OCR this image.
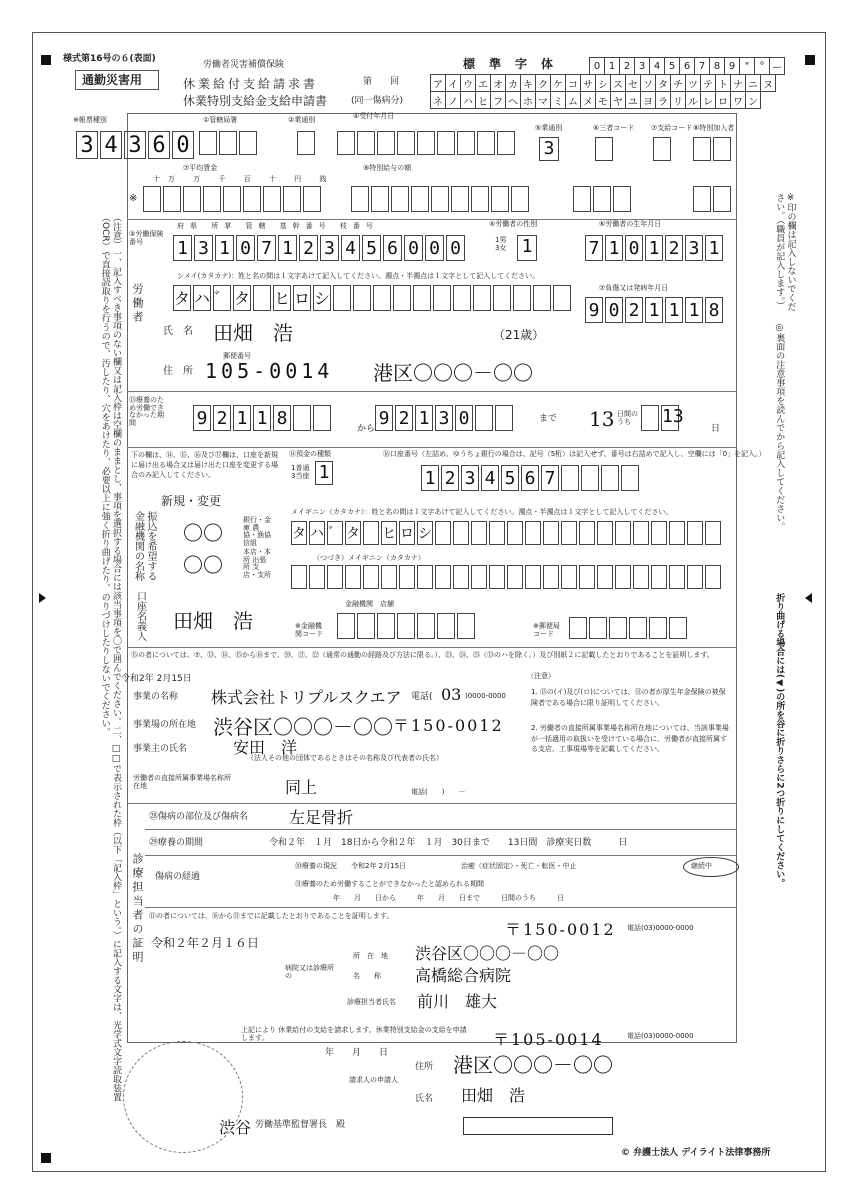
様式第16号の６(表面)
通勤災害用
労働者災害補償保険
休業給付支給請求書
休業特別支給金支給申請書
第　　回
(同一傷病分)
標準字体	0	1	2	3	4	5	6	7	8	9	"	°	ー
ア	イ	ウ	エ	オ	カ	キ	ク	ケ	コ	サ	シ	ス	セ	ソ	タ	チ	ツ	テ	ト	ナ	ニ	ヌ
ネ	ノ	ハ	ヒ	フ	ヘ	ホ	マ	ミ	ム	メ	モ	ヤ	ユ	ヨ	ラ	リ	ル	レ	ロ	ワ	ン
※帳票種別
3 4 3 6 0
①管轄局署	②業通別	④受付年月日
⑤業通別
3
⑥三者コード ⑦支給コード ⑧特別加入者
⑦平均賃金
十万 万 千 百 十 円 銭
※
⑨特別給与の額
③労働保険番号
府県 所掌 管轄 基幹番号 枝番号
1 3 1 0 7 1 2 3 4 5 6 0 0 0
⑤労働者の性別
1男 3女 1
⑥労働者の生年月日
7 1 0 1 2 3 1
⑦負傷又は発病年月日
9 0 2 1 1 1 8
労働者
シメイ(カタカナ)：姓と名の間は１文字あけて記入してください。濁点・半濁点は１文字として記入してください。
タ ハ ゛ タ ヒ ロ シ
氏　名 田畑　浩	（21歳）
住　所
郵便番号
105-0014 港区〇〇〇－〇〇
⑬療養のため労働できなかった期間	9 2 1 1 8	から 9 2 1 3 0	まで 13 日間のうち	13
日
下の欄は、⑭、⑮、⑯及び⑰欄は、口座を新規に届け出る場合又は届け出た口座を変更する場合のみ記入してください。
新規・変更
⑭預金の種類
1普通 3当座 1
⑯口座番号（左詰め。ゆうちょ銀行の場合は、記号（5桁）は記入せず、番号は右詰めで記入し、空欄には「0」を記入。）
1 2 3 4 5 6 7
振込を希望する金融機関の名称	〇〇
銀行・金庫 農協・漁協 信組
〇〇
本店・本所 出張所 支店・支所
メイギニン（カタカナ）：姓と名の間は１文字あけて記入してください。濁点・半濁点は１文字として記入してください。
タ ハ ゛ タ ヒ ロ シ
（つづき）メイギニン（カタカナ）
口座名義人 田畑　浩	※金融機関コード
金融機関　店舗
※郵便局コード
⑮の者については、⑦、⑬、⑭、⑮から⑱まで、⑳、㉑、㉒（通常の通勤の経路及び方法に限る。）、㉓、㉔、㉕（⑬のハを除く。）及び別紙２に記載したとおりであることを証明します。
令和2年 2月15日
事業の名称 株式会社トリプルスクエア 電話( 03 )0000-0000
事業場の所在地 渋谷区〇〇〇－〇〇 〒150-0012
事業主の氏名	安田　洋
（法人その他の団体であるときはその名称及び代表者の氏名）
労働者の直接所属事業場名称所在地	同上	電話(　　)　　－
（注意）
1. ⑬の(イ)及び(ロ)については、⑬の者が厚生年金保険の被保険者である場合に限り証明してください。
2. 労働者の直接所属事業場名称所在地については、当該事業場が一括適用の取扱いを受けている場合に、労働者が直接所属する支店、工事現場等を記載してください。
診療担当者の証明
㉘傷病の部位及び傷病名	左足骨折
㉙療養の期間	令和２年　１月　18日から令和２年　１月　30日まで　　13日間　診療実日数　　　日
傷病の経過
㉚療養の現況 令和2年 2月15日	治癒（症状固定）・死亡・転医・中止	継続中
㉛療養のため労働することができなかったと認められる期間
年　　月　　日から　　　年　　月　　日まで　　　日間のうち　　　日
⑪の者については、⑱から㉛までに記載したとおりであることを証明します。
〒150-0012 電話(03)0000-0000
令和２年２月１６日
所　在　地 渋谷区〇〇〇－〇〇
病院又は診療所の	名　　称 高橋総合病院
診療担当者氏名 前川　雄大
上記により 休業給付の支給を請求します。休業特別支給金の支給を申請します。
年　　月　　日
請求人の申請人
〒105-0014	電話(03)0000-0000
住所 港区〇〇〇－〇〇
氏名 田畑　浩
渋谷 労働基準監督署長　殿
© 弁護士法人 デイライト法律事務所
（注意）一、記入すべき事項のない欄又は記入枠は空欄のままとし、事項を選択する場合には該当事項を〇で囲んでください。二、□□で表示された枠（以下「記入枠」という。）に記入する文字は、光学式文字読取装置（OCR）で直接読取りを行うので、汚したり、穴をあけたり、必要以上に強く折り曲げたり、のりづけしたりしないでください。	※印の欄は記入しないでください。（職員が記入します。）
◎裏面の注意事項を読んでから記入してください。
折り曲げる場合には(◀)の所を谷に折りさらに2つ折りにしてください。
